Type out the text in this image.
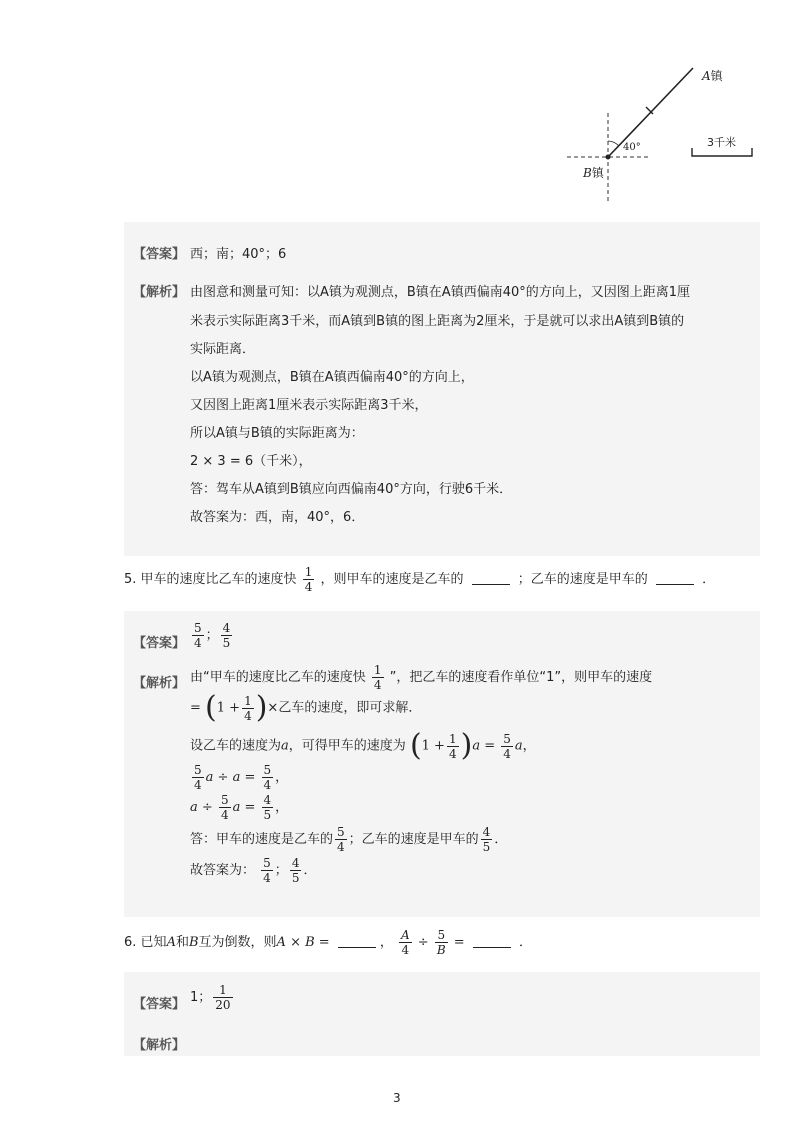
A镇
B镇
40°	3千米
【答案】 西；南；40°；6
【解析】 由图意和测量可知：以A镇为观测点，B镇在A镇西偏南40°的方向上，又因图上距离1厘
米表示实际距离3千米，而A镇到B镇的图上距离为2厘米，于是就可以求出A镇到B镇的
实际距离．
以A镇为观测点，B镇在A镇西偏南40°的方向上，
又因图上距离1厘米表示实际距离3千米，
所以A镇与B镇的实际距离为：
2 × 3 = 6（千米），
答：驾车从A镇到B镇应向西偏南40°方向，行驶6千米．
故答案为：西，南，40°，6．
5. 甲车的速度比乙车的速度快 $\frac{1}{4}$ ，则甲车的速度是乙车的	；乙车的速度是甲车的	．
【答案】 $\frac{5}{4}$ ； $\frac{4}{5}$
【解析】 由“甲车的速度比乙车的速度快 $\frac{1}{4}$ ”，把乙车的速度看作单位“1”，则甲车的速度
= ($1 + \frac{1}{4}$ )×乙车的速度，即可求解．
设乙车的速度为a，可得甲车的速度为 $(1 + \frac{1}{4} )a = \frac{5}{4}$ a，
$\frac{5}{4}$ $a \div a = \frac{5}{4}$ ，
$a \div \frac{5}{4}$ $a = \frac{4}{5}$ ，
答：甲车的速度是乙车的 $\frac{5}{4}$ ；乙车的速度是甲车的 $\frac{4}{5}$ ．
故答案为： $\frac{5}{4}$ ； $\frac{4}{5}$ ．
6. 已知A和B互为倒数，则A × B =	， $\frac{A}{4} \div \frac{5}{B}$ =	．
【答案】 1； $\frac{1}{20}$
【解析】
3
